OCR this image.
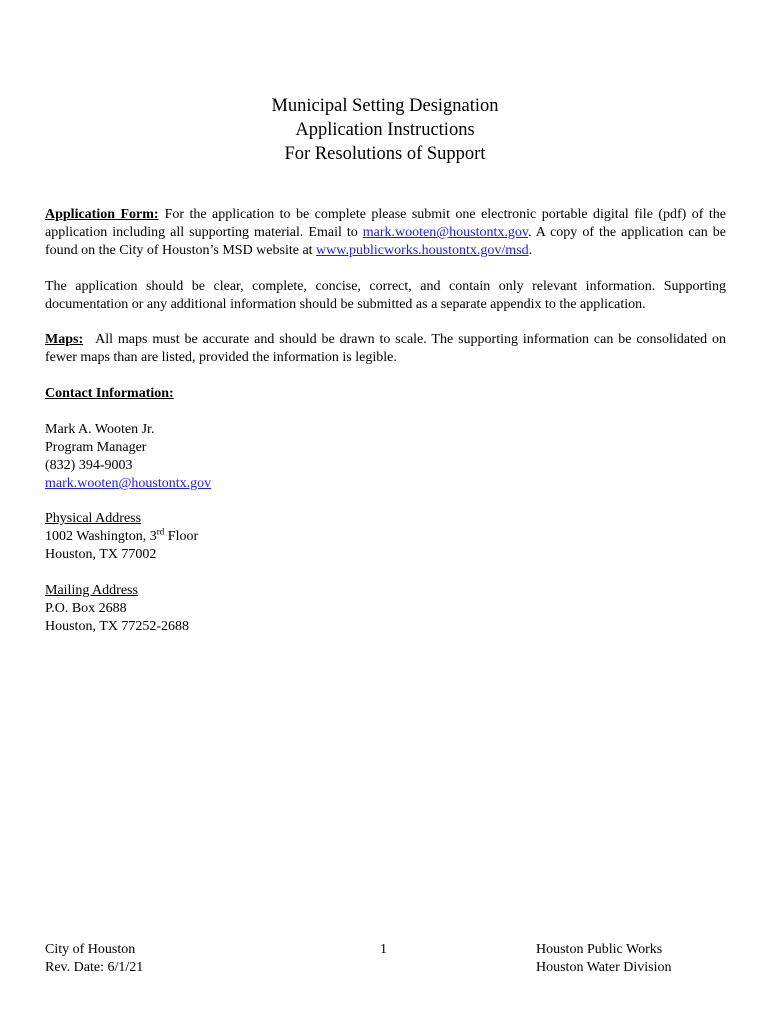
Municipal Setting Designation
Application Instructions
For Resolutions of Support
Application Form: For the application to be complete please submit one electronic portable digital file (pdf) of the application including all supporting material. Email to mark.wooten@houstontx.gov. A copy of the application can be found on the City of Houston’s MSD website at www.publicworks.houstontx.gov/msd.
The application should be clear, complete, concise, correct, and contain only relevant information. Supporting documentation or any additional information should be submitted as a separate appendix to the application.
Maps: All maps must be accurate and should be drawn to scale. The supporting information can be consolidated on fewer maps than are listed, provided the information is legible.
Contact Information:
Mark A. Wooten Jr.
Program Manager
(832) 394-9003
mark.wooten@houstontx.gov
Physical Address
1002 Washington, 3rd Floor
Houston, TX 77002
Mailing Address
P.O. Box 2688
Houston, TX 77252-2688
City of Houston
Rev. Date: 6/1/21
1	Houston Public Works
Houston Water Division
